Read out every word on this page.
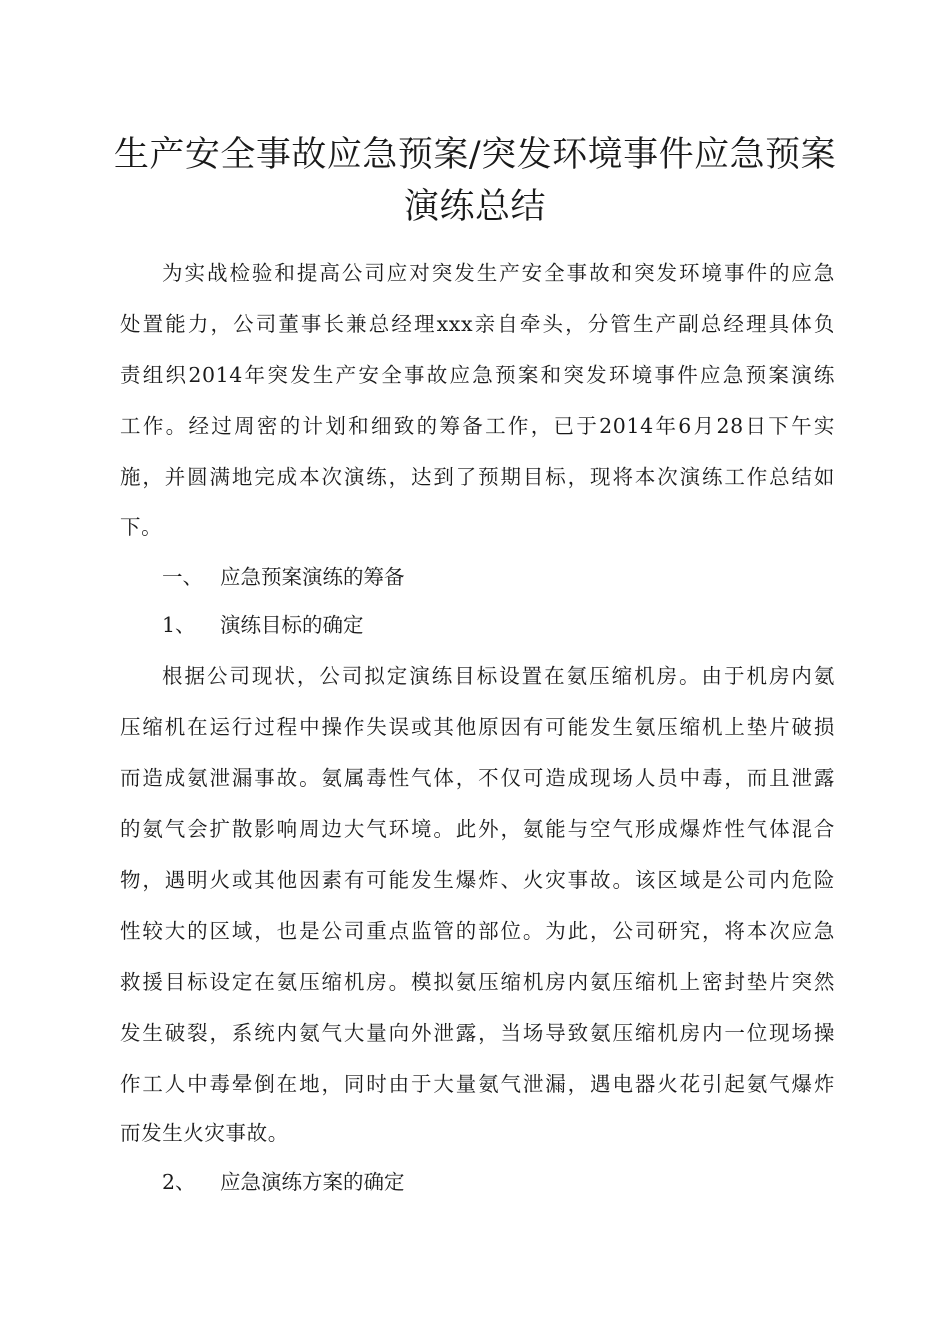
生产安全事故应急预案/突发环境事件应急预案
演练总结
为实战检验和提高公司应对突发生产安全事故和突发环境事件的应急
处置能力，公司董事长兼总经理xxx亲自牵头，分管生产副总经理具体负
责组织2014年突发生产安全事故应急预案和突发环境事件应急预案演练
工作。经过周密的计划和细致的筹备工作，已于2014年6月28日下午实
施，并圆满地完成本次演练，达到了预期目标，现将本次演练工作总结如
下。
一、 应急预案演练的筹备
1、 演练目标的确定
根据公司现状，公司拟定演练目标设置在氨压缩机房。由于机房内氨
压缩机在运行过程中操作失误或其他原因有可能发生氨压缩机上垫片破损
而造成氨泄漏事故。氨属毒性气体，不仅可造成现场人员中毒，而且泄露
的氨气会扩散影响周边大气环境。此外，氨能与空气形成爆炸性气体混合
物，遇明火或其他因素有可能发生爆炸、火灾事故。该区域是公司内危险
性较大的区域，也是公司重点监管的部位。为此，公司研究，将本次应急
救援目标设定在氨压缩机房。模拟氨压缩机房内氨压缩机上密封垫片突然
发生破裂，系统内氨气大量向外泄露，当场导致氨压缩机房内一位现场操
作工人中毒晕倒在地，同时由于大量氨气泄漏，遇电器火花引起氨气爆炸
而发生火灾事故。
2、 应急演练方案的确定
